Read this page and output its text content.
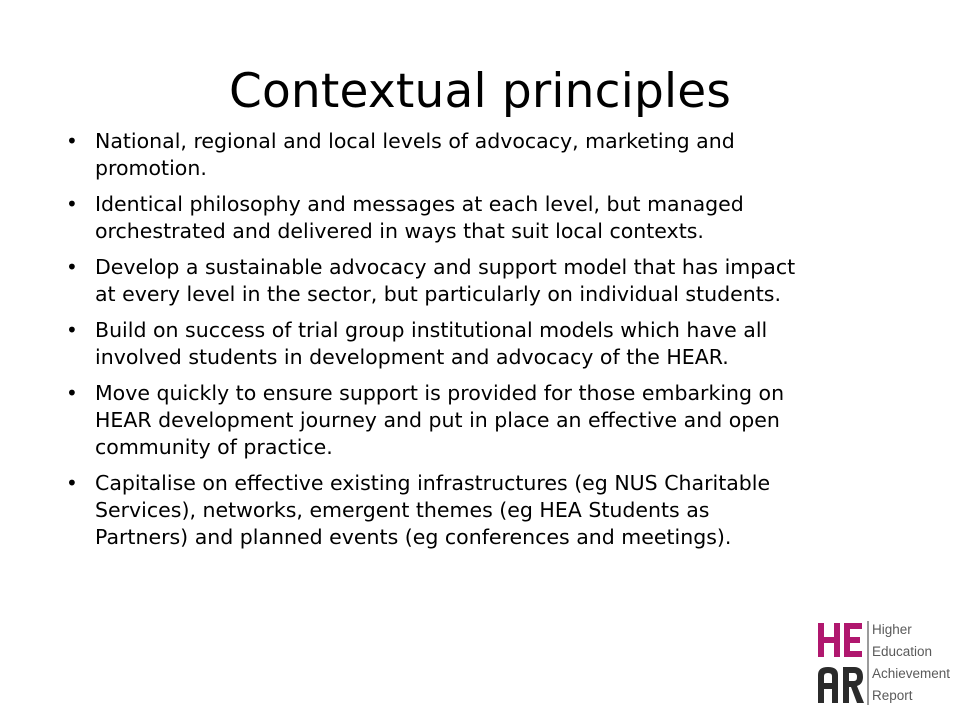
Contextual principles
• National, regional and local levels of advocacy, marketing and
promotion.
• Identical philosophy and messages at each level, but managed
orchestrated and delivered in ways that suit local contexts.
• Develop a sustainable advocacy and support model that has impact
at every level in the sector, but particularly on individual students.
• Build on success of trial group institutional models which have all
involved students in development and advocacy of the HEAR.
• Move quickly to ensure support is provided for those embarking on
HEAR development journey and put in place an effective and open
community of practice.
• Capitalise on effective existing infrastructures (eg NUS Charitable
Services), networks, emergent themes (eg HEA Students as
Partners) and planned events (eg conferences and meetings).
Higher
Education
Achievement
Report
